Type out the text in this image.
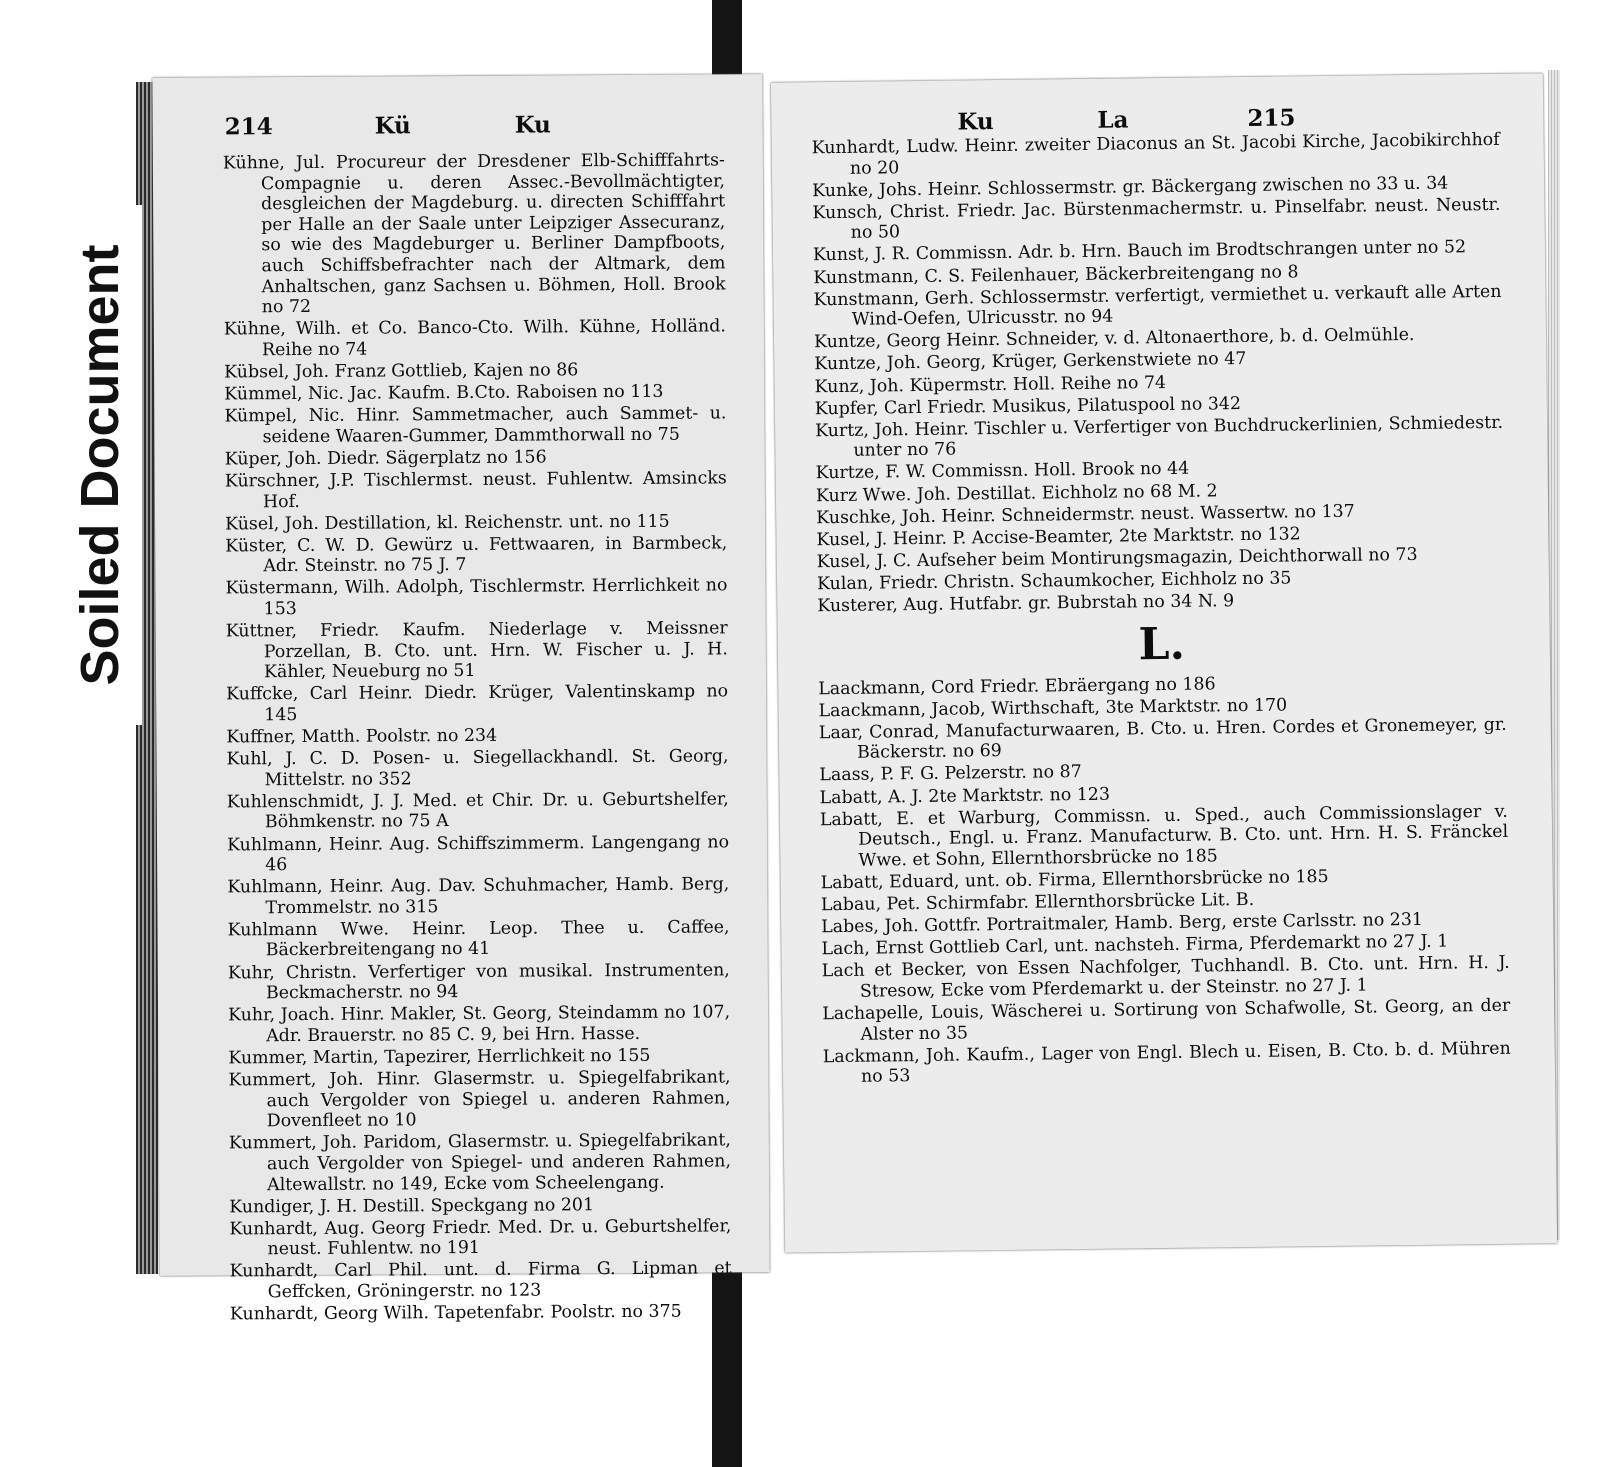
Soiled Document
214	Kü	Ku
Kühne, Jul. Procureur der Dresdener Elb-Schifffahrts-Compagnie u. deren Assec.-Bevollmächtigter, desgleichen der Magdeburg. u. directen Schifffahrt per Halle an der Saale unter Leipziger Assecuranz, so wie des Magdeburger u. Berliner Dampfboots, auch Schiffsbefrachter nach der Altmark, dem Anhaltschen, ganz Sachsen u. Böhmen, Holl. Brook no 72
Kühne, Wilh. et Co. Banco-Cto. Wilh. Kühne, Holländ. Reihe no 74
Kübsel, Joh. Franz Gottlieb, Kajen no 86
Kümmel, Nic. Jac. Kaufm. B.Cto. Raboisen no 113
Kümpel, Nic. Hinr. Sammetmacher, auch Sammet- u. seidene Waaren-Gummer, Dammthorwall no 75
Küper, Joh. Diedr. Sägerplatz no 156
Kürschner, J.P. Tischlermst. neust. Fuhlentw. Amsincks Hof.
Küsel, Joh. Destillation, kl. Reichenstr. unt. no 115
Küster, C. W. D. Gewürz u. Fettwaaren, in Barmbeck, Adr. Steinstr. no 75 J. 7
Küstermann, Wilh. Adolph, Tischlermstr. Herrlichkeit no 153
Küttner, Friedr. Kaufm. Niederlage v. Meissner Porzellan, B. Cto. unt. Hrn. W. Fischer u. J. H. Kähler, Neueburg no 51
Kuffcke, Carl Heinr. Diedr. Krüger, Valentinskamp no 145
Kuffner, Matth. Poolstr. no 234
Kuhl, J. C. D. Posen- u. Siegellackhandl. St. Georg, Mittelstr. no 352
Kuhlenschmidt, J. J. Med. et Chir. Dr. u. Geburtshelfer, Böhmkenstr. no 75 A
Kuhlmann, Heinr. Aug. Schiffszimmerm. Langengang no 46
Kuhlmann, Heinr. Aug. Dav. Schuhmacher, Hamb. Berg, Trommelstr. no 315
Kuhlmann Wwe. Heinr. Leop. Thee u. Caffee, Bäckerbreitengang no 41
Kuhr, Christn. Verfertiger von musikal. Instrumenten, Beckmacherstr. no 94
Kuhr, Joach. Hinr. Makler, St. Georg, Steindamm no 107, Adr. Brauerstr. no 85 C. 9, bei Hrn. Hasse.
Kummer, Martin, Tapezirer, Herrlichkeit no 155
Kummert, Joh. Hinr. Glasermstr. u. Spiegelfabrikant, auch Vergolder von Spiegel u. anderen Rahmen, Dovenfleet no 10
Kummert, Joh. Paridom, Glasermstr. u. Spiegelfabrikant, auch Vergolder von Spiegel- und anderen Rahmen, Altewallstr. no 149, Ecke vom Scheelengang.
Kundiger, J. H. Destill. Speckgang no 201
Kunhardt, Aug. Georg Friedr. Med. Dr. u. Geburtshelfer, neust. Fuhlentw. no 191
Kunhardt, Carl Phil. unt. d. Firma G. Lipman et Geffcken, Gröningerstr. no 123
Kunhardt, Georg Wilh. Tapetenfabr. Poolstr. no 375
Ku	La	215
Kunhardt, Ludw. Heinr. zweiter Diaconus an St. Jacobi Kirche, Jacobikirchhof no 20
Kunke, Johs. Heinr. Schlossermstr. gr. Bäckergang zwischen no 33 u. 34
Kunsch, Christ. Friedr. Jac. Bürstenmachermstr. u. Pinselfabr. neust. Neustr. no 50
Kunst, J. R. Commissn. Adr. b. Hrn. Bauch im Brodtschrangen unter no 52
Kunstmann, C. S. Feilenhauer, Bäckerbreitengang no 8
Kunstmann, Gerh. Schlossermstr. verfertigt, vermiethet u. verkauft alle Arten Wind-Oefen, Ulricusstr. no 94
Kuntze, Georg Heinr. Schneider, v. d. Altonaerthore, b. d. Oelmühle.
Kuntze, Joh. Georg, Krüger, Gerkenstwiete no 47
Kunz, Joh. Küpermstr. Holl. Reihe no 74
Kupfer, Carl Friedr. Musikus, Pilatuspool no 342
Kurtz, Joh. Heinr. Tischler u. Verfertiger von Buchdruckerlinien, Schmiedestr. unter no 76
Kurtze, F. W. Commissn. Holl. Brook no 44
Kurz Wwe. Joh. Destillat. Eichholz no 68 M. 2
Kuschke, Joh. Heinr. Schneidermstr. neust. Wassertw. no 137
Kusel, J. Heinr. P. Accise-Beamter, 2te Marktstr. no 132
Kusel, J. C. Aufseher beim Montirungsmagazin, Deichthorwall no 73
Kulan, Friedr. Christn. Schaumkocher, Eichholz no 35
Kusterer, Aug. Hutfabr. gr. Bubrstah no 34 N. 9
L.
Laackmann, Cord Friedr. Ebräergang no 186
Laackmann, Jacob, Wirthschaft, 3te Marktstr. no 170
Laar, Conrad, Manufacturwaaren, B. Cto. u. Hren. Cordes et Gronemeyer, gr. Bäckerstr. no 69
Laass, P. F. G. Pelzerstr. no 87
Labatt, A. J. 2te Marktstr. no 123
Labatt, E. et Warburg, Commissn. u. Sped., auch Commissionslager v. Deutsch., Engl. u. Franz. Manufacturw. B. Cto. unt. Hrn. H. S. Fränckel Wwe. et Sohn, Ellernthorsbrücke no 185
Labatt, Eduard, unt. ob. Firma, Ellernthorsbrücke no 185
Labau, Pet. Schirmfabr. Ellernthorsbrücke Lit. B.
Labes, Joh. Gottfr. Portraitmaler, Hamb. Berg, erste Carlsstr. no 231
Lach, Ernst Gottlieb Carl, unt. nachsteh. Firma, Pferdemarkt no 27 J. 1
Lach et Becker, von Essen Nachfolger, Tuchhandl. B. Cto. unt. Hrn. H. J. Stresow, Ecke vom Pferdemarkt u. der Steinstr. no 27 J. 1
Lachapelle, Louis, Wäscherei u. Sortirung von Schafwolle, St. Georg, an der Alster no 35
Lackmann, Joh. Kaufm., Lager von Engl. Blech u. Eisen, B. Cto. b. d. Mühren no 53
